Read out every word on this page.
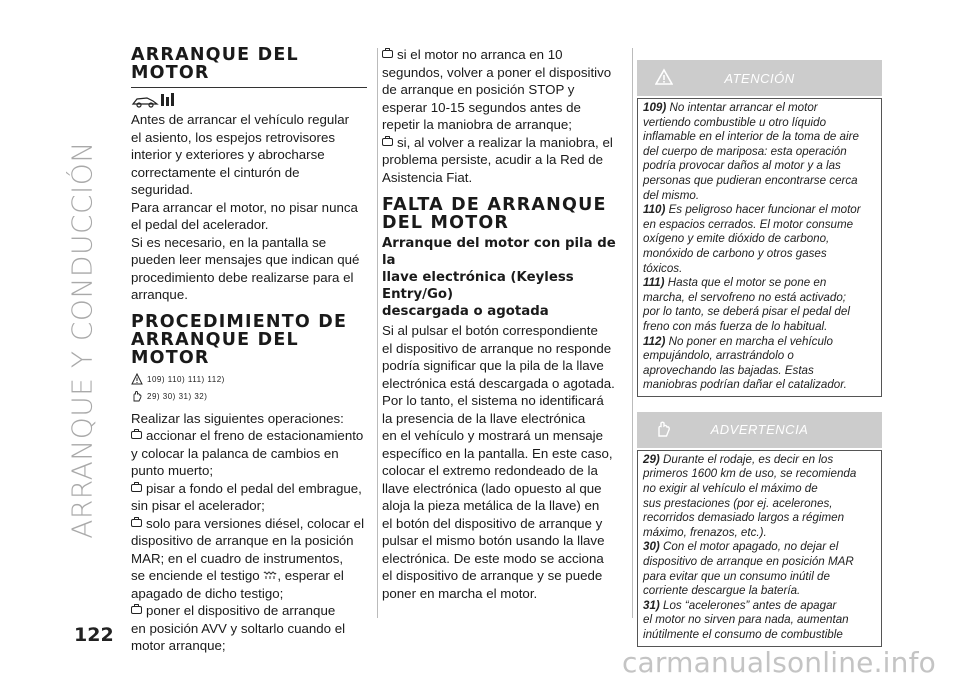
ARRANQUE Y CONDUCCIÓN
122
ARRANQUE DEL
MOTOR

Antes de arrancar el vehículo regular
el asiento, los espejos retrovisores
interior y exteriores y abrocharse
correctamente el cinturón de
seguridad.
Para arrancar el motor, no pisar nunca
el pedal del acelerador.
Si es necesario, en la pantalla se
pueden leer mensajes que indican qué
procedimiento debe realizarse para el
arranque.

PROCEDIMIENTO DE
ARRANQUE DEL MOTOR
109) 110) 111) 112)
29) 30) 31) 32)

Realizar las siguientes operaciones:

accionar el freno de estacionamiento
y colocar la palanca de cambios en
punto muerto;
pisar a fondo el pedal del embrague,
sin pisar el acelerador;
solo para versiones diésel, colocar el
dispositivo de arranque en la posición
MAR; en el cuadro de instrumentos,
se enciende el testigo , esperar el
apagado de dicho testigo;
poner el dispositivo de arranque
en posición AVV y soltarlo cuando el
motor arranque;

si el motor no arranca en 10
segundos, volver a poner el dispositivo
de arranque en posición STOP y
esperar 10-15 segundos antes de
repetir la maniobra de arranque;
si, al volver a realizar la maniobra, el
problema persiste, acudir a la Red de
Asistencia Fiat.

FALTA DE ARRANQUE
DEL MOTOR
Arranque del motor con pila de la
llave electrónica (Keyless Entry/Go)
descargada o agotada

Si al pulsar el botón correspondiente
el dispositivo de arranque no responde
podría significar que la pila de la llave
electrónica está descargada o agotada.
Por lo tanto, el sistema no identificará
la presencia de la llave electrónica
en el vehículo y mostrará un mensaje
específico en la pantalla. En este caso,
colocar el extremo redondeado de la
llave electrónica (lado opuesto al que
aloja la pieza metálica de la llave) en
el botón del dispositivo de arranque y
pulsar el mismo botón usando la llave
electrónica. De este modo se acciona
el dispositivo de arranque y se puede
poner en marcha el motor.

ATENCIÓN

109) No intentar arrancar el motor
vertiendo combustible u otro líquido
inflamable en el interior de la toma de aire
del cuerpo de mariposa: esta operación
podría provocar daños al motor y a las
personas que pudieran encontrarse cerca
del mismo.
110) Es peligroso hacer funcionar el motor
en espacios cerrados. El motor consume
oxígeno y emite dióxido de carbono,
monóxido de carbono y otros gases
tóxicos.
111) Hasta que el motor se pone en
marcha, el servofreno no está activado;
por lo tanto, se deberá pisar el pedal del
freno con más fuerza de lo habitual.
112) No poner en marcha el vehículo
empujándolo, arrastrándolo o
aprovechando las bajadas. Estas
maniobras podrían dañar el catalizador.

ADVERTENCIA

29) Durante el rodaje, es decir en los
primeros 1600 km de uso, se recomienda
no exigir al vehículo el máximo de
sus prestaciones (por ej. acelerones,
recorridos demasiado largos a régimen
máximo, frenazos, etc.).
30) Con el motor apagado, no dejar el
dispositivo de arranque en posición MAR
para evitar que un consumo inútil de
corriente descargue la batería.
31) Los “acelerones” antes de apagar
el motor no sirven para nada, aumentan
inútilmente el consumo de combustible

carmanualsonline.info
